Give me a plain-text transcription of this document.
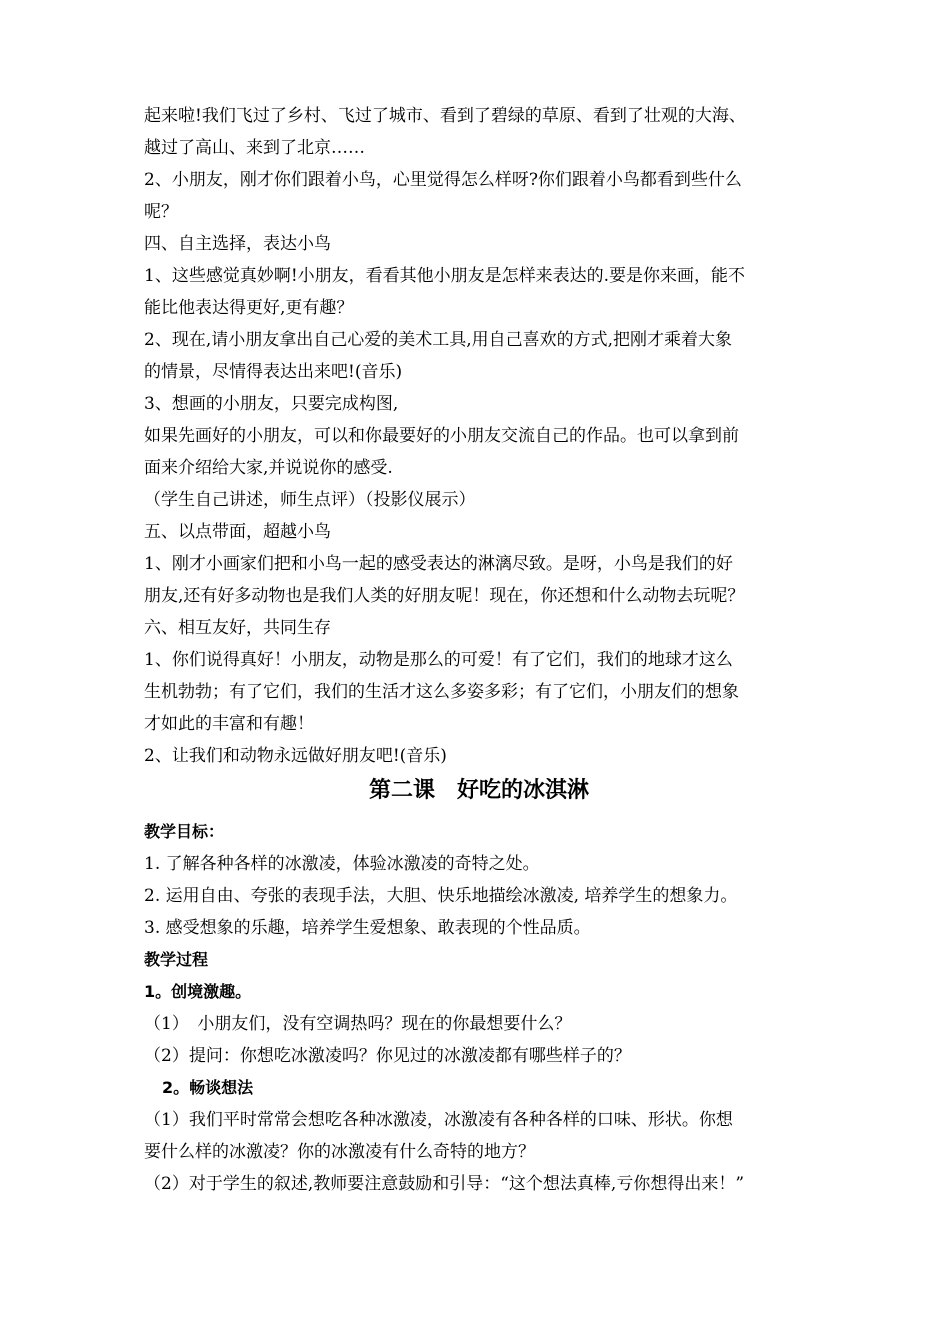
起来啦!我们飞过了乡村、飞过了城市、看到了碧绿的草原、看到了壮观的大海、
越过了高山、来到了北京……
2、小朋友，刚才你们跟着小鸟，心里觉得怎么样呀?你们跟着小鸟都看到些什么
呢？
四、自主选择，表达小鸟
1、这些感觉真妙啊!小朋友，看看其他小朋友是怎样来表达的.要是你来画，能不
能比他表达得更好,更有趣？
2、现在,请小朋友拿出自己心爱的美术工具,用自己喜欢的方式,把刚才乘着大象
的情景，尽情得表达出来吧!(音乐)
3、想画的小朋友，只要完成构图,
如果先画好的小朋友，可以和你最要好的小朋友交流自己的作品。也可以拿到前
面来介绍给大家,并说说你的感受.
（学生自己讲述，师生点评）（投影仪展示）
五、以点带面，超越小鸟
1、刚才小画家们把和小鸟一起的感受表达的淋漓尽致。是呀，小鸟是我们的好
朋友,还有好多动物也是我们人类的好朋友呢！现在，你还想和什么动物去玩呢？
六、相互友好，共同生存
1、你们说得真好！小朋友，动物是那么的可爱！有了它们，我们的地球才这么
生机勃勃；有了它们，我们的生活才这么多姿多彩；有了它们，小朋友们的想象
才如此的丰富和有趣！
2、让我们和动物永远做好朋友吧!(音乐)
第二课　好吃的冰淇淋
教学目标：
1. 了解各种各样的冰激凌，体验冰激凌的奇特之处。
2. 运用自由、夸张的表现手法，大胆、快乐地描绘冰激凌, 培养学生的想象力。
3. 感受想象的乐趣，培养学生爱想象、敢表现的个性品质。
教学过程
1。创境激趣。
（1）　小朋友们，没有空调热吗？现在的你最想要什么？
（2）提问：你想吃冰激凌吗？你见过的冰激凌都有哪些样子的？
2。畅谈想法
（1）我们平时常常会想吃各种冰激凌，冰激凌有各种各样的口味、形状。你想
要什么样的冰激凌？你的冰激凌有什么奇特的地方？
（2）对于学生的叙述,教师要注意鼓励和引导：“这个想法真棒,亏你想得出来！”
